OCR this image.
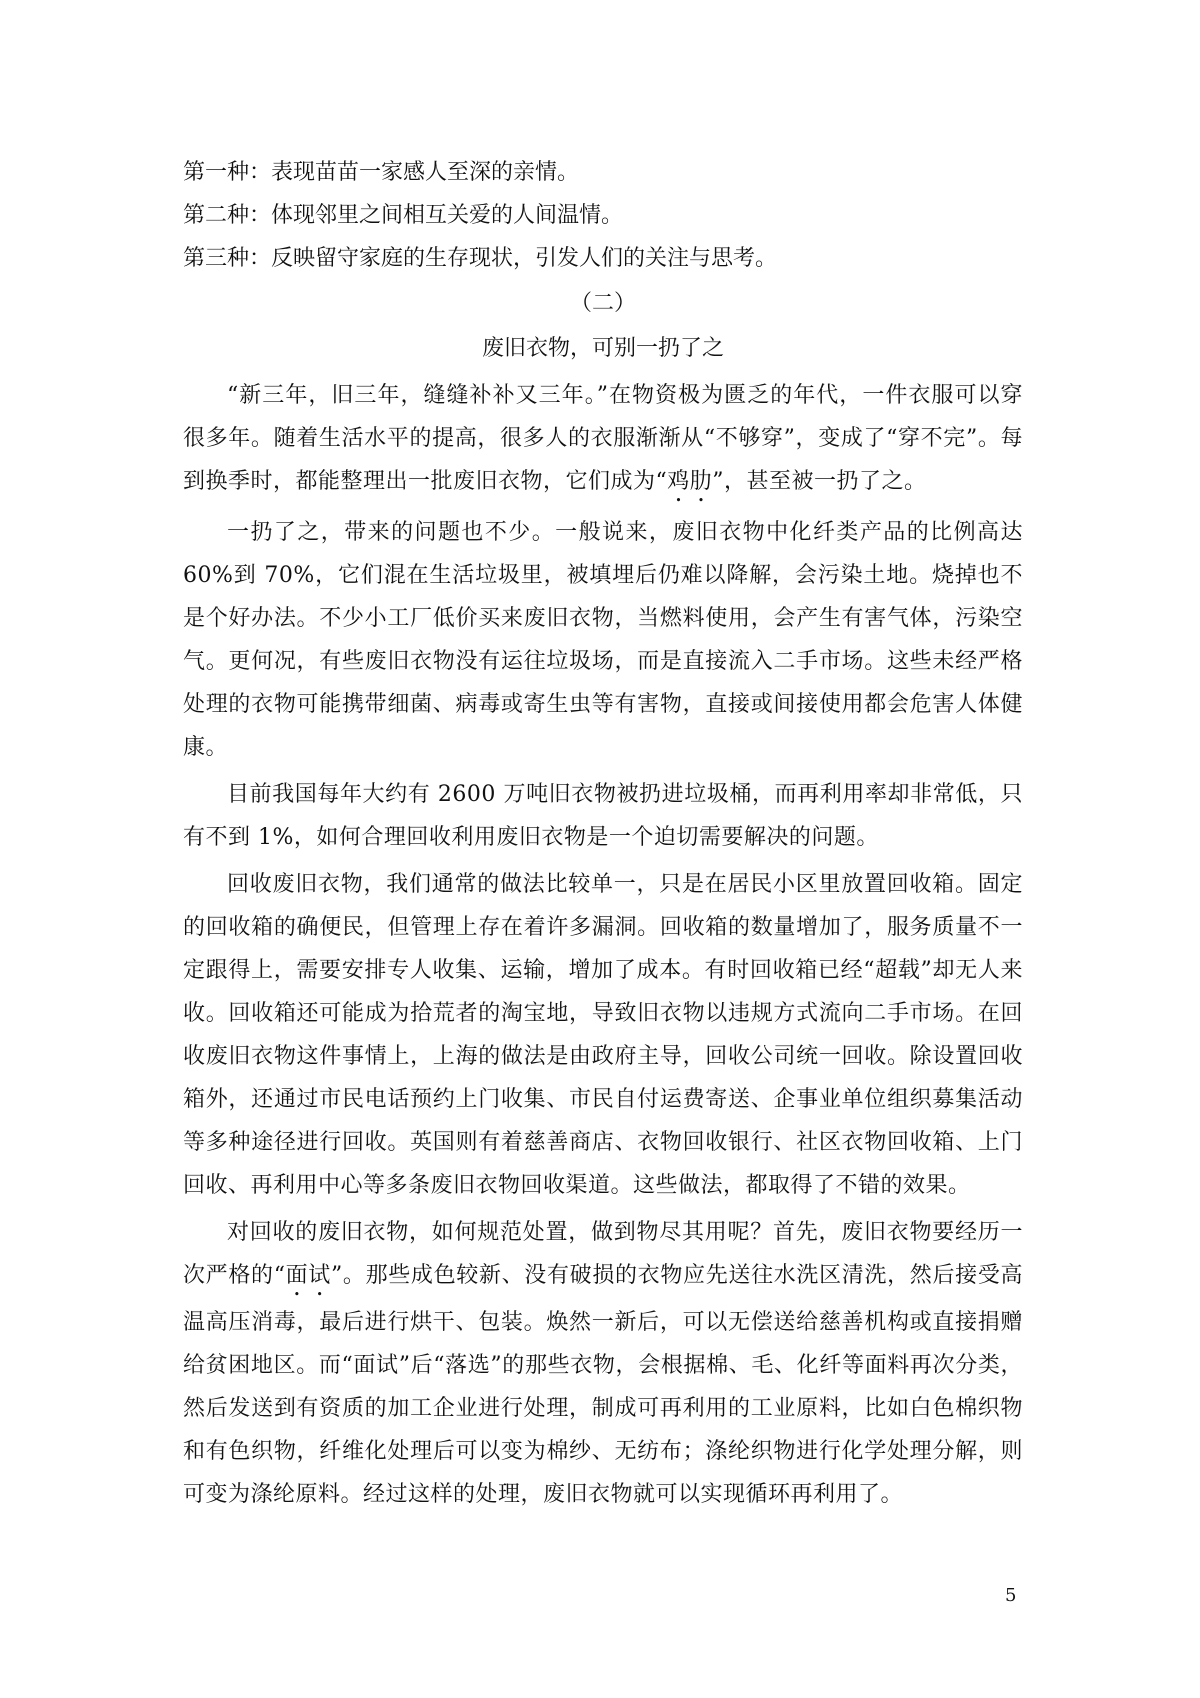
第一种：表现苗苗一家感人至深的亲情。

第二种：体现邻里之间相互关爱的人间温情。

第三种：反映留守家庭的生存现状，引发人们的关注与思考。

（二）

废旧衣物，可别一扔了之

“新三年，旧三年，缝缝补补又三年。”在物资极为匮乏的年代，一件衣服可以穿很多年。随着生活水平的提高，很多人的衣服渐渐从“不够穿”，变成了“穿不完”。每到换季时，都能整理出一批废旧衣物，它们成为“鸡肋”，甚至被一扔了之。

一扔了之，带来的问题也不少。一般说来，废旧衣物中化纤类产品的比例高达 60%到 70%，它们混在生活垃圾里，被填埋后仍难以降解，会污染土地。烧掉也不是个好办法。不少小工厂低价买来废旧衣物，当燃料使用，会产生有害气体，污染空气。更何况，有些废旧衣物没有运往垃圾场，而是直接流入二手市场。这些未经严格处理的衣物可能携带细菌、病毒或寄生虫等有害物，直接或间接使用都会危害人体健康。

目前我国每年大约有 2600 万吨旧衣物被扔进垃圾桶，而再利用率却非常低，只有不到 1%，如何合理回收利用废旧衣物是一个迫切需要解决的问题。

回收废旧衣物，我们通常的做法比较单一，只是在居民小区里放置回收箱。固定的回收箱的确便民，但管理上存在着许多漏洞。回收箱的数量增加了，服务质量不一定跟得上，需要安排专人收集、运输，增加了成本。有时回收箱已经“超载”却无人来收。回收箱还可能成为拾荒者的淘宝地，导致旧衣物以违规方式流向二手市场。在回收废旧衣物这件事情上，上海的做法是由政府主导，回收公司统一回收。除设置回收箱外，还通过市民电话预约上门收集、市民自付运费寄送、企事业单位组织募集活动等多种途径进行回收。英国则有着慈善商店、衣物回收银行、社区衣物回收箱、上门回收、再利用中心等多条废旧衣物回收渠道。这些做法，都取得了不错的效果。

对回收的废旧衣物，如何规范处置，做到物尽其用呢？首先，废旧衣物要经历一次严格的“面试”。那些成色较新、没有破损的衣物应先送往水洗区清洗，然后接受高温高压消毒，最后进行烘干、包装。焕然一新后，可以无偿送给慈善机构或直接捐赠给贫困地区。而“面试”后“落选”的那些衣物，会根据棉、毛、化纤等面料再次分类，然后发送到有资质的加工企业进行处理，制成可再利用的工业原料，比如白色棉织物和有色织物，纤维化处理后可以变为棉纱、无纺布；涤纶织物进行化学处理分解，则可变为涤纶原料。经过这样的处理，废旧衣物就可以实现循环再利用了。

5
